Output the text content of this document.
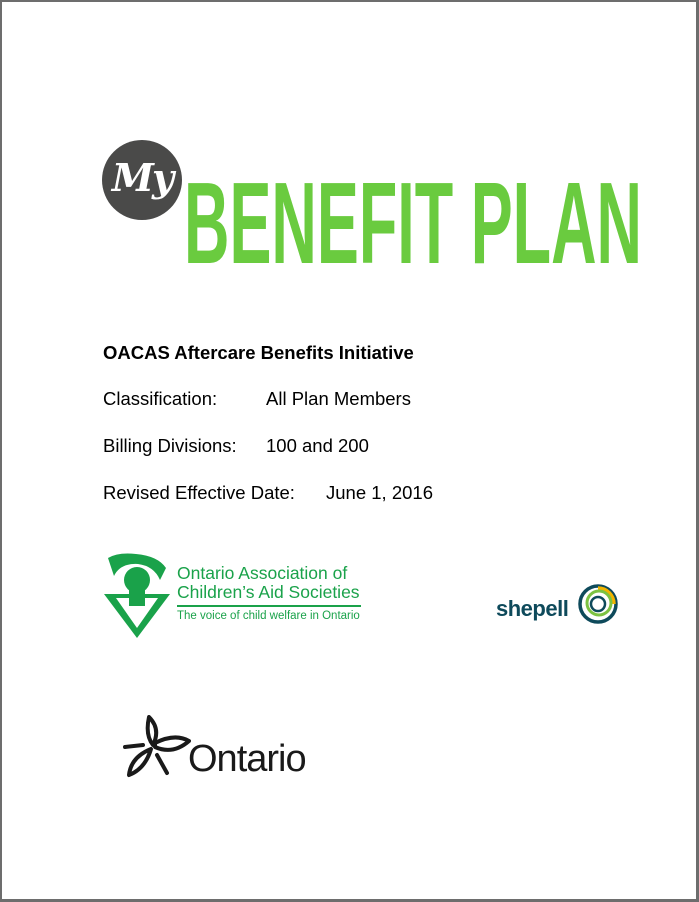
My BENEFIT PLAN
OACAS Aftercare Benefits Initiative
Classification:	All Plan Members
Billing Divisions: 100 and 200
Revised Effective Date: June 1, 2016
Ontario Association of
Children’s Aid Societies
The voice of child welfare in Ontario	shepell
Ontario
